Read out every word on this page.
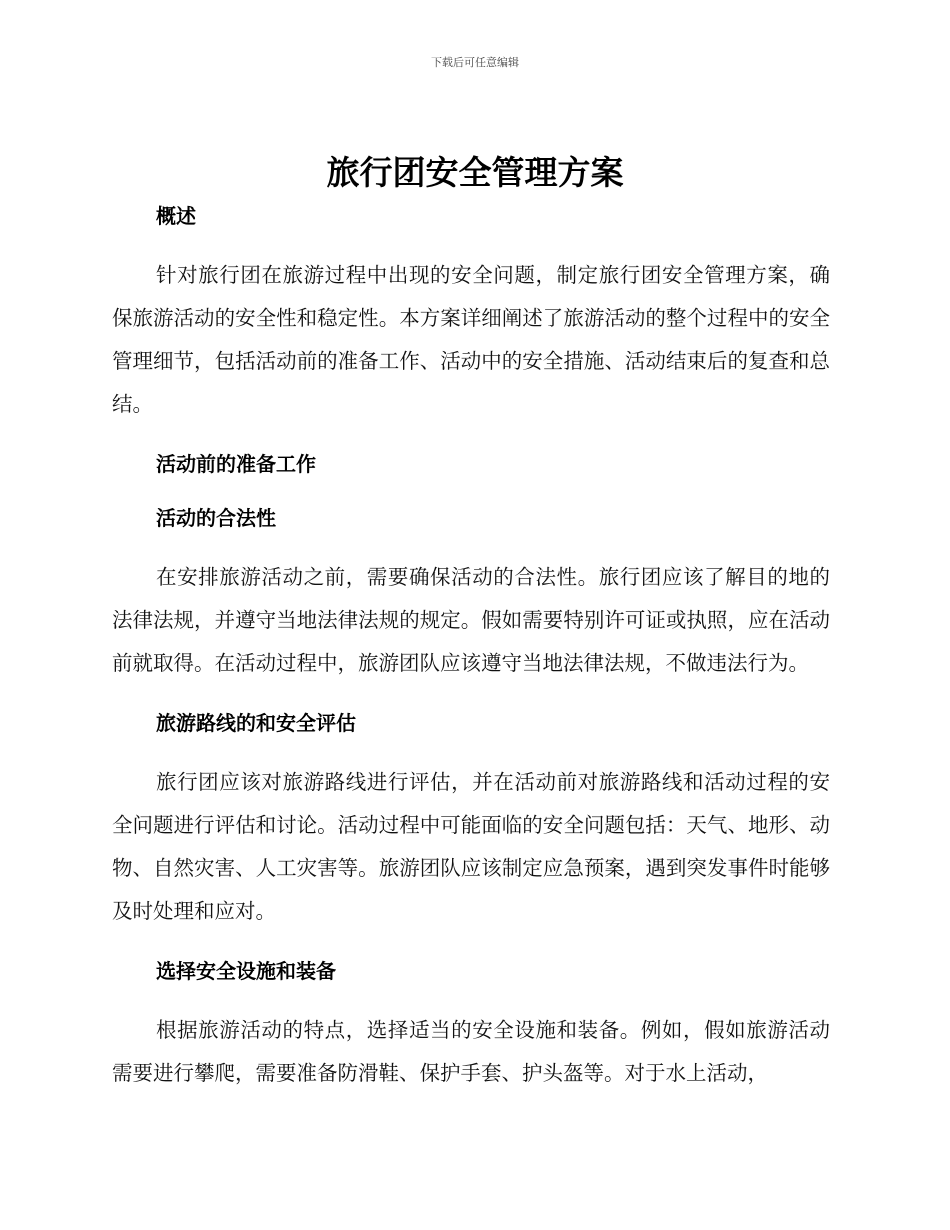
下载后可任意编辑

旅行团安全管理方案
概述

针对旅行团在旅游过程中出现的安全问题，制定旅行团安全管理方案，确保旅游活动的安全性和稳定性。本方案详细阐述了旅游活动的整个过程中的安全管理细节，包括活动前的准备工作、活动中的安全措施、活动结束后的复查和总结。

活动前的准备工作
活动的合法性

在安排旅游活动之前，需要确保活动的合法性。旅行团应该了解目的地的法律法规，并遵守当地法律法规的规定。假如需要特别许可证或执照，应在活动前就取得。在活动过程中，旅游团队应该遵守当地法律法规，不做违法行为。

旅游路线的和安全评估

旅行团应该对旅游路线进行评估，并在活动前对旅游路线和活动过程的安全问题进行评估和讨论。活动过程中可能面临的安全问题包括：天气、地形、动物、自然灾害、人工灾害等。旅游团队应该制定应急预案，遇到突发事件时能够及时处理和应对。

选择安全设施和装备

根据旅游活动的特点，选择适当的安全设施和装备。例如，假如旅游活动需要进行攀爬，需要准备防滑鞋、保护手套、护头盔等。对于水上活动，
